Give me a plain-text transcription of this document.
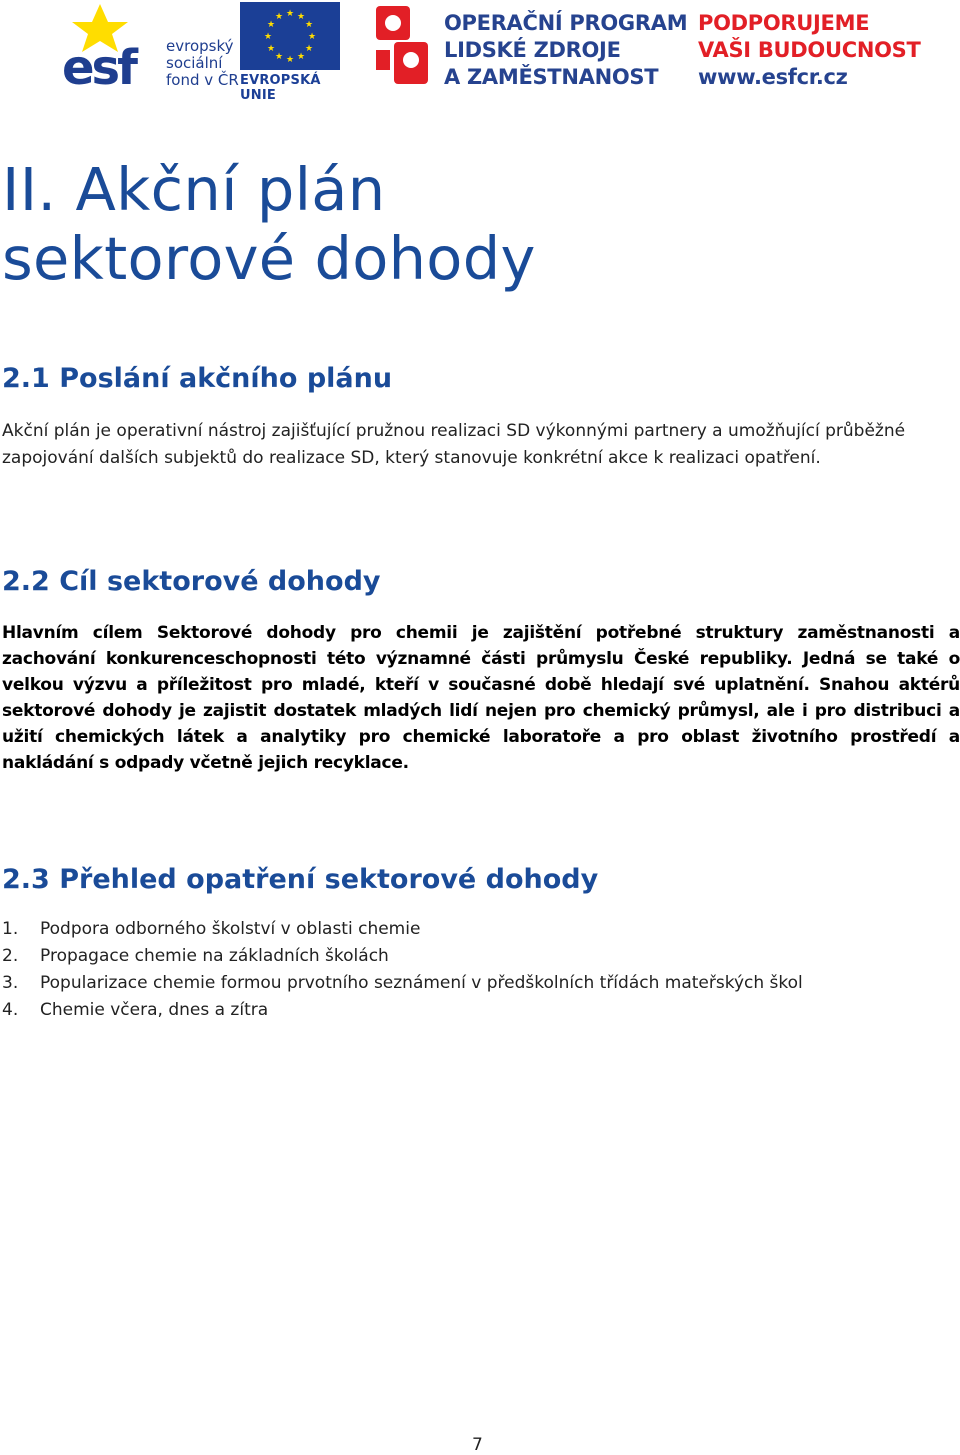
esf evropský
sociální
fond v ČR
★ ★
★
★
★
★
★
★
★
★
★
★
EVROPSKÁ UNIE
OPERAČNÍ PROGRAM
LIDSKÉ ZDROJE
A ZAMĚSTNANOST
PODPORUJEME
VAŠI BUDOUCNOST
www.esfcr.cz
II. Akční plán
sektorové dohody
2.1 Poslání akčního plánu

Akční plán je operativní nástroj zajišťující pružnou realizaci SD výkonnými partnery a umožňující průběžné zapojování dalších subjektů do realizace SD, který stanovuje konkrétní akce k realizaci opatření.

2.2 Cíl sektorové dohody

Hlavním cílem Sektorové dohody pro chemii je zajištění potřebné struktury zaměstnanosti a zachování konkurenceschopnosti této významné části průmyslu České republiky. Jedná se také o velkou výzvu a příležitost pro mladé, kteří v současné době hledají své uplatnění. Snahou aktérů sektorové dohody je zajistit dostatek mladých lidí nejen pro chemický průmysl, ale i pro distribuci a užití chemických látek a analytiky pro chemické laboratoře a pro oblast životního prostředí a nakládání s odpady včetně jejich recyklace.

2.3 Přehled opatření sektorové dohody
1. Podpora odborného školství v oblasti chemie
2. Propagace chemie na základních školách
3. Popularizace chemie formou prvotního seznámení v předškolních třídách mateřských škol
4. Chemie včera, dnes a zítra
7
